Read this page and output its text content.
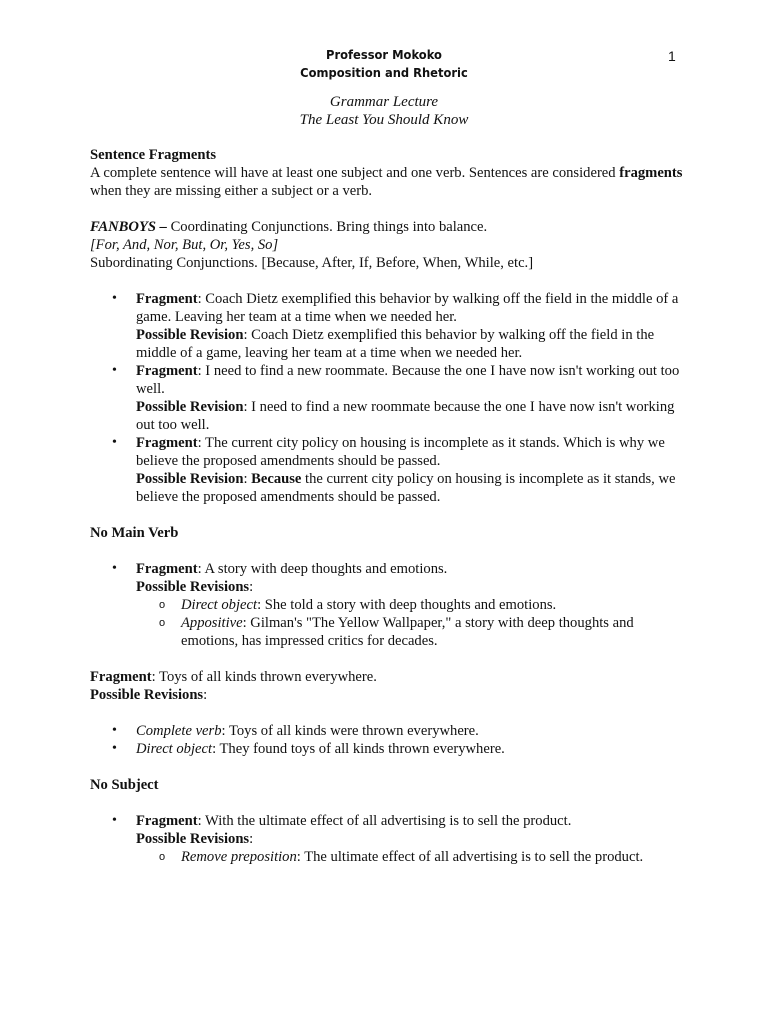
1
Professor Mokoko
Composition and Rhetoric
Grammar Lecture
The Least You Should Know

Sentence Fragments

A complete sentence will have at least one subject and one verb. Sentences are considered fragments when they are missing either a subject or a verb.

FANBOYS – Coordinating Conjunctions. Bring things into balance.

[For, And, Nor, But, Or, Yes, So]

Subordinating Conjunctions. [Because, After, If, Before, When, While, etc.]

• Fragment: Coach Dietz exemplified this behavior by walking off the field in the middle of a game. Leaving her team at a time when we needed her.
Possible Revision: Coach Dietz exemplified this behavior by walking off the field in the middle of a game, leaving her team at a time when we needed her.
• Fragment: I need to find a new roommate. Because the one I have now isn't working out too well.
Possible Revision: I need to find a new roommate because the one I have now isn't working out too well.
• Fragment: The current city policy on housing is incomplete as it stands. Which is why we believe the proposed amendments should be passed.
Possible Revision: Because the current city policy on housing is incomplete as it stands, we believe the proposed amendments should be passed.

No Main Verb

• Fragment: A story with deep thoughts and emotions.
Possible Revisions:
o Direct object: She told a story with deep thoughts and emotions.
o Appositive: Gilman's "The Yellow Wallpaper," a story with deep thoughts and emotions, has impressed critics for decades.

Fragment: Toys of all kinds thrown everywhere.

Possible Revisions:

• Complete verb: Toys of all kinds were thrown everywhere.
• Direct object: They found toys of all kinds thrown everywhere.

No Subject

• Fragment: With the ultimate effect of all advertising is to sell the product.
Possible Revisions:
o Remove preposition: The ultimate effect of all advertising is to sell the product.
